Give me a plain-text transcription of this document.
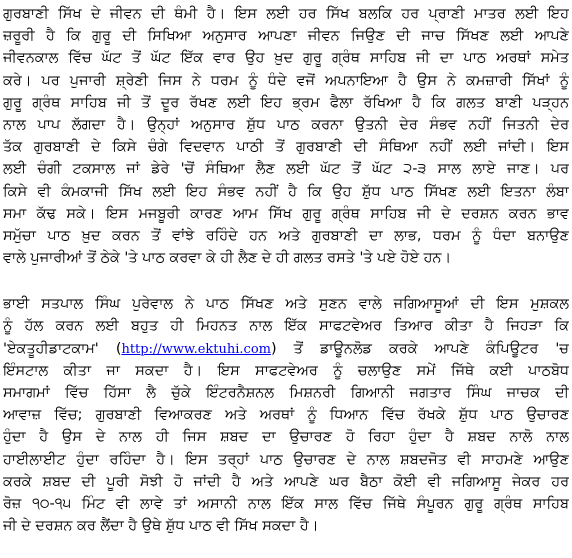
ਗੁਰਬਾਣੀ ਸਿੱਖ ਦੇ ਜੀਵਨ ਦੀ ਥੰਮੀ ਹੈ। ਇਸ ਲਈ ਹਰ ਸਿੱਖ ਬਲਕਿ ਹਰ ਪ੍ਰਾਣੀ ਮਾਤਰ ਲਈ ਇਹ
ਜ਼ਰੂਰੀ ਹੈ ਕਿ ਗੁਰੂ ਦੀ ਸਿਖਿਆ ਅਨੁਸਾਰ ਆਪਣਾ ਜੀਵਨ ਜਿਉਣ ਦੀ ਜਾਚ ਸਿੱਖਣ ਲਈ ਆਪਣੇ
ਜੀਵਨਕਾਲ ਵਿੱਚ ਘੱਟ ਤੋਂ ਘੱਟ ਇੱਕ ਵਾਰ ਉਹ ਖ਼ੁਦ ਗੁਰੂ ਗ੍ਰੰਥ ਸਾਹਿਬ ਜੀ ਦਾ ਪਾਠ ਅਰਥਾਂ ਸਮੇਤ
ਕਰੇ। ਪਰ ਪੁਜਾਰੀ ਸ਼੍ਰੇਣੀ ਜਿਸ ਨੇ ਧਰਮ ਨੂੰ ਧੰਦੇ ਵਜੋਂ ਅਪਨਾਇਆ ਹੈ ਉਸ ਨੇ ਕਮਜ਼ਾਰੀ ਸਿੱਖਾਂ ਨੂੰ
ਗੁਰੂ ਗ੍ਰੰਥ ਸਾਹਿਬ ਜੀ ਤੋਂ ਦੂਰ ਰੱਖਣ ਲਈ ਇਹ ਭ੍ਰਮ ਫੈਲਾ ਰੱਖਿਆ ਹੈ ਕਿ ਗਲਤ ਬਾਣੀ ਪੜ੍ਹਨ
ਨਾਲ ਪਾਪ ਲੱਗਦਾ ਹੈ। ਉਨ੍ਹਾਂ ਅਨੁਸਾਰ ਸ਼ੁੱਧ ਪਾਠ ਕਰਨਾ ਉਤਨੀ ਦੇਰ ਸੰਭਵ ਨਹੀਂ ਜਿਤਨੀ ਦੇਰ
ਤੱਕ ਗੁਰਬਾਣੀ ਦੇ ਕਿਸੇ ਚੰਗੇ ਵਿਦਵਾਨ ਪਾਠੀ ਤੋਂ ਗੁਰਬਾਣੀ ਦੀ ਸੰਥਿਆ ਨਹੀਂ ਲਈ ਜਾਂਦੀ। ਇਸ
ਲਈ ਚੰਗੀ ਟਕਸਾਲ ਜਾਂ ਡੇਰੇ 'ਚੋਂ ਸੰਥਿਆ ਲੈਣ ਲਈ ਘੱਟ ਤੋਂ ਘੱਟ ੨-੩ ਸਾਲ ਲਾਏ ਜਾਣ। ਪਰ
ਕਿਸੇ ਵੀ ਕੰਮਕਾਜੀ ਸਿੱਖ ਲਈ ਇਹ ਸੰਭਵ ਨਹੀਂ ਹੈ ਕਿ ਉਹ ਸ਼ੁੱਧ ਪਾਠ ਸਿੱਖਣ ਲਈ ਇਤਨਾ ਲੰਬਾ
ਸਮਾ ਕੱਢ ਸਕੇ। ਇਸ ਮਜਬੂਰੀ ਕਾਰਣ ਆਮ ਸਿੱਖ ਗੁਰੂ ਗ੍ਰੰਥ ਸਾਹਿਬ ਜੀ ਦੇ ਦਰਸ਼ਨ ਕਰਨ ਭਾਵ
ਸਮੁੱਚਾ ਪਾਠ ਖ਼ੁਦ ਕਰਨ ਤੋਂ ਵਾਂਝੇ ਰਹਿੰਦੇ ਹਨ ਅਤੇ ਗੁਰਬਾਣੀ ਦਾ ਲਾਭ, ਧਰਮ ਨੂੰ ਧੰਦਾ ਬਨਾਉਣ
ਵਾਲੇ ਪੁਜਾਰੀਆਂ ਤੋਂ ਠੇਕੇ 'ਤੇ ਪਾਠ ਕਰਵਾ ਕੇ ਹੀ ਲੈਣ ਦੇ ਹੀ ਗਲਤ ਰਸਤੇ 'ਤੇ ਪਏ ਹੋਏ ਹਨ।
ਭਾਈ ਸਤਪਾਲ ਸਿੰਘ ਪੁਰੇਵਾਲ ਨੇ ਪਾਠ ਸਿੱਖਣ ਅਤੇ ਸੁਣਨ ਵਾਲੇ ਜਗਿਆਸੂਆਂ ਦੀ ਇਸ ਮੁਸ਼ਕਲ
ਨੂੰ ਹੱਲ ਕਰਨ ਲਈ ਬਹੁਤ ਹੀ ਮਿਹਨਤ ਨਾਲ ਇੱਕ ਸਾਫਟਵੇਅਰ ਤਿਆਰ ਕੀਤਾ ਹੈ ਜਿਹੜਾ ਕਿ
'ਏਕਤੂਹੀਡਾਟਕਾਮ' (http://www.ektuhi.com) ਤੋਂ ਡਾਊਨਲੋਡ ਕਰਕੇ ਆਪਣੇ ਕੰਪਿਊਟਰ 'ਚ
ਇੰਸਟਾਲ ਕੀਤਾ ਜਾ ਸਕਦਾ ਹੈ। ਇਸ ਸਾਫਟਵੇਅਰ ਨੂੰ ਚਲਾਉਣ ਸਮੇਂ ਜਿੱਥੇ ਕਈ ਪਾਠਬੋਧ
ਸਮਾਗਮਾਂ ਵਿੱਚ ਹਿੱਸਾ ਲੈ ਚੁੱਕੇ ਇੰਟਰਨੈਸ਼ਨਲ ਮਿਸ਼ਨਰੀ ਗਿਆਨੀ ਜਗਤਾਰ ਸਿੰਘ ਜਾਚਕ ਦੀ
ਆਵਾਜ਼ ਵਿੱਚ; ਗੁਰਬਾਣੀ ਵਿਆਕਰਣ ਅਤੇ ਅਰਥਾਂ ਨੂੰ ਧਿਆਨ ਵਿੱਚ ਰੱਖਕੇ ਸ਼ੁੱਧ ਪਾਠ ਉਚਾਰਣ
ਹੁੰਦਾ ਹੈ ਉਸ ਦੇ ਨਾਲ ਹੀ ਜਿਸ ਸ਼ਬਦ ਦਾ ਉਚਾਰਣ ਹੋ ਰਿਹਾ ਹੁੰਦਾ ਹੈ ਸ਼ਬਦ ਨਾਲੋ ਨਾਲ
ਹਾਈਲਾਈਟ ਹੁੰਦਾ ਰਹਿੰਦਾ ਹੈ। ਇਸ ਤਰ੍ਹਾਂ ਪਾਠ ਉਚਾਰਣ ਦੇ ਨਾਲ ਸ਼ਬਦਜੋਤ ਵੀ ਸਾਹਮਣੇ ਆਉਣ
ਕਰਕੇ ਸ਼ਬਦ ਦੀ ਪੂਰੀ ਸੋਝੀ ਹੋ ਜਾਂਦੀ ਹੈ ਅਤੇ ਆਪਣੇ ਘਰ ਬੈਠਾ ਕੋਈ ਵੀ ਜਗਿਆਸੂ ਜੇਕਰ ਹਰ
ਰੋਜ਼ ੧੦-੧੫ ਮਿੰਟ ਵੀ ਲਾਵੇ ਤਾਂ ਅਸਾਨੀ ਨਾਲ ਇੱਕ ਸਾਲ ਵਿੱਚ ਜਿੱਥੇ ਸੰਪੂਰਨ ਗੁਰੂ ਗ੍ਰੰਥ ਸਾਹਿਬ
ਜੀ ਦੇ ਦਰਸ਼ਨ ਕਰ ਲੈਂਦਾ ਹੈ ਉਥੇ ਸ਼ੁੱਧ ਪਾਠ ਵੀ ਸਿੱਖ ਸਕਦਾ ਹੈ।
